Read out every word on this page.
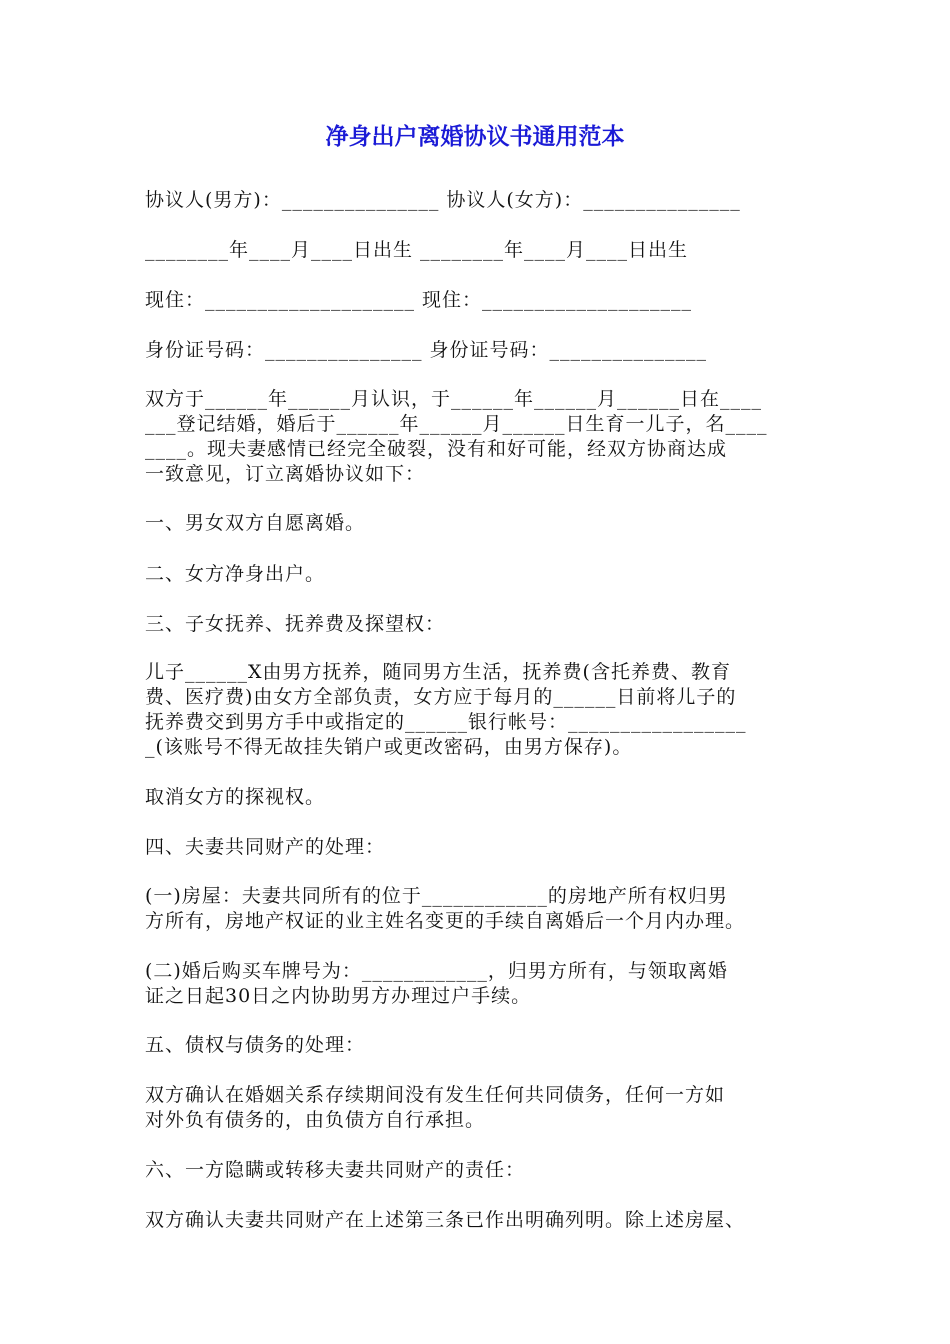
净身出户离婚协议书通用范本
协议人(男方)：_______________ 协议人(女方)：_______________
________年____月____日出生 ________年____月____日出生
现住：____________________ 现住：____________________
身份证号码：_______________ 身份证号码：_______________
双方于______年______月认识，于______年______月______日在____
___登记结婚，婚后于______年______月______日生育一儿子，名____
____。现夫妻感情已经完全破裂，没有和好可能，经双方协商达成
一致意见，订立离婚协议如下：
一、男女双方自愿离婚。
二、女方净身出户。
三、子女抚养、抚养费及探望权：
儿子______X由男方抚养，随同男方生活，抚养费(含托养费、教育
费、医疗费)由女方全部负责，女方应于每月的______日前将儿子的
抚养费交到男方手中或指定的______银行帐号：_________________
_(该账号不得无故挂失销户或更改密码，由男方保存)。
取消女方的探视权。
四、夫妻共同财产的处理：
(一)房屋：夫妻共同所有的位于____________的房地产所有权归男
方所有，房地产权证的业主姓名变更的手续自离婚后一个月内办理。
(二)婚后购买车牌号为：____________，归男方所有，与领取离婚
证之日起30日之内协助男方办理过户手续。
五、债权与债务的处理：
双方确认在婚姻关系存续期间没有发生任何共同债务，任何一方如
对外负有债务的，由负债方自行承担。
六、一方隐瞒或转移夫妻共同财产的责任：
双方确认夫妻共同财产在上述第三条已作出明确列明。除上述房屋、
